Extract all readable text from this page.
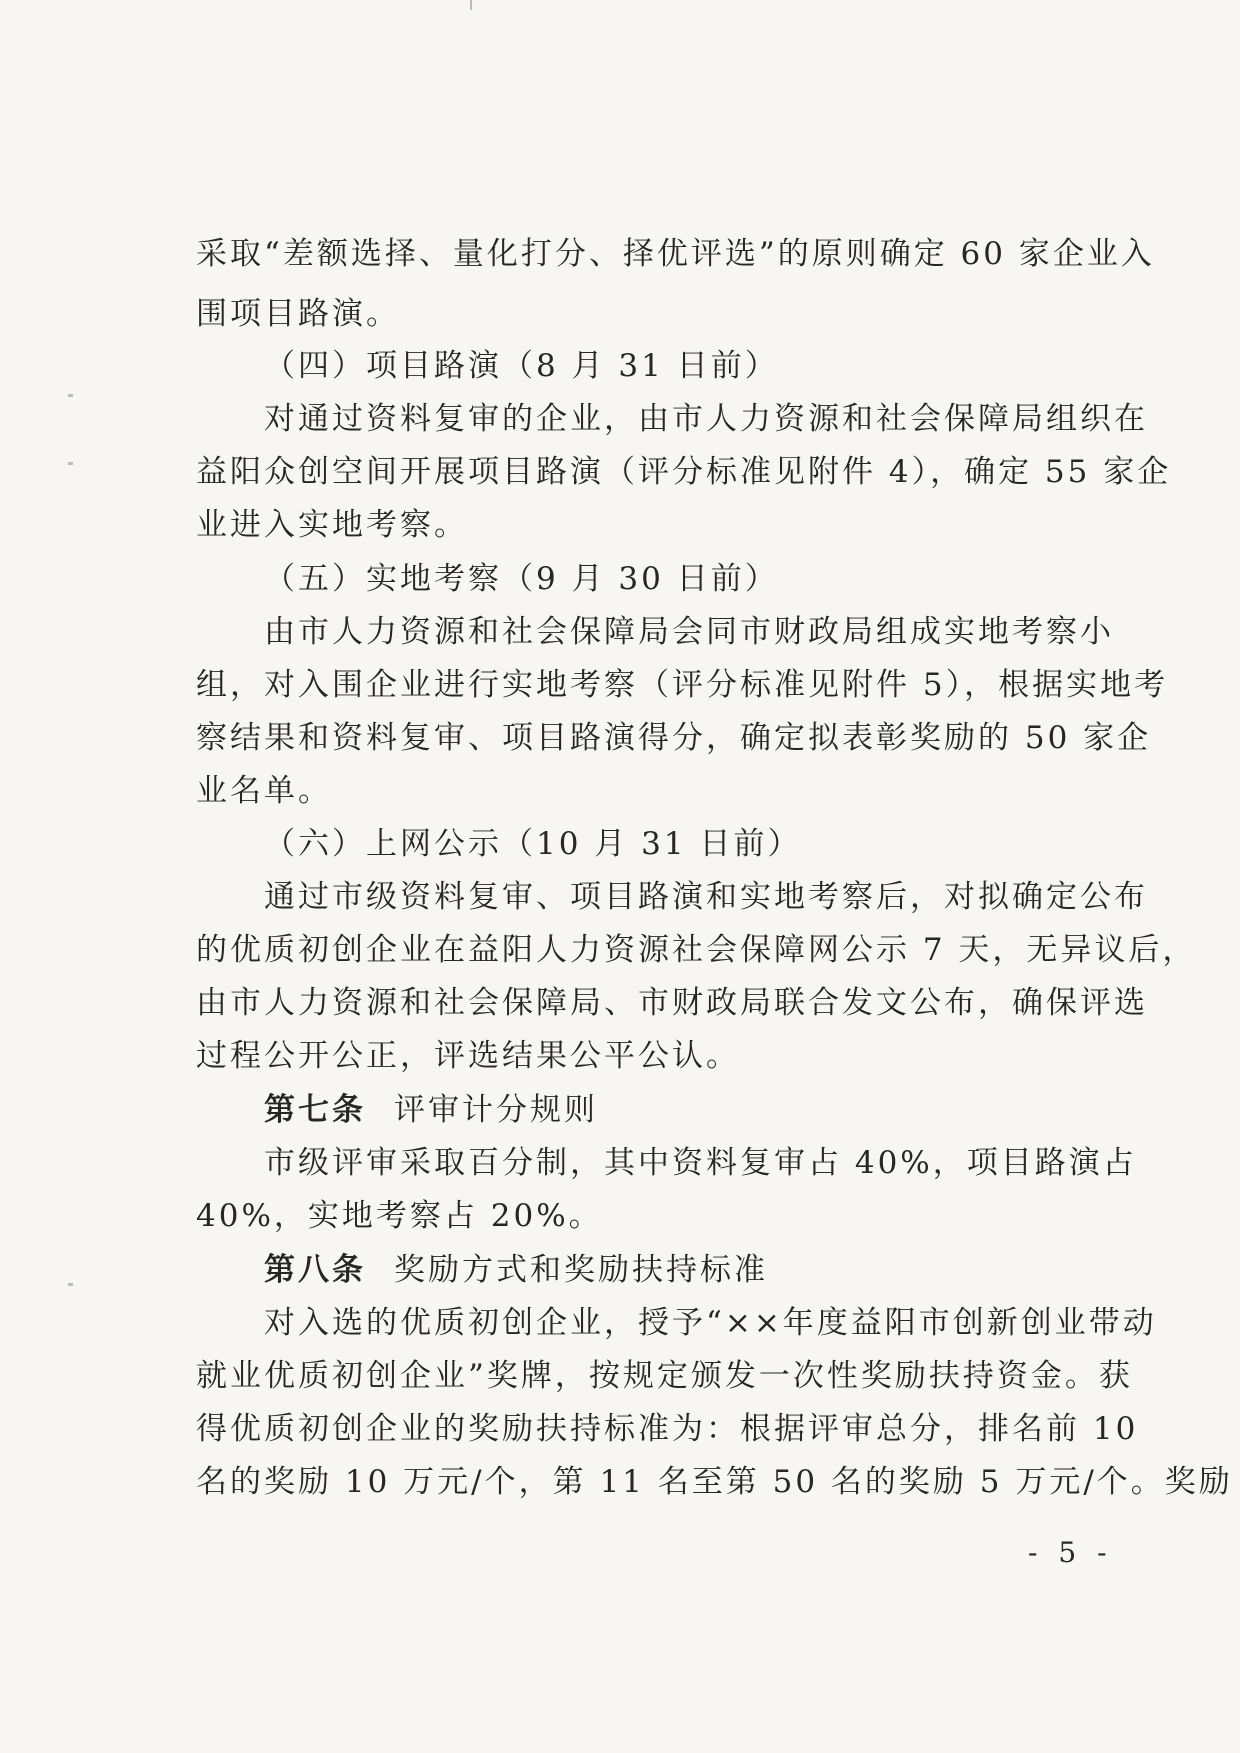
采取“差额选择、量化打分、择优评选”的原则确定 60 家企业入
围项目路演。
（四）项目路演（8 月 31 日前）
对通过资料复审的企业，由市人力资源和社会保障局组织在
益阳众创空间开展项目路演（评分标准见附件 4），确定 55 家企
业进入实地考察。
（五）实地考察（9 月 30 日前）
由市人力资源和社会保障局会同市财政局组成实地考察小
组，对入围企业进行实地考察（评分标准见附件 5），根据实地考
察结果和资料复审、项目路演得分，确定拟表彰奖励的 50 家企
业名单。
（六）上网公示（10 月 31 日前）
通过市级资料复审、项目路演和实地考察后，对拟确定公布
的优质初创企业在益阳人力资源社会保障网公示 7 天，无异议后，
由市人力资源和社会保障局、市财政局联合发文公布，确保评选
过程公开公正，评选结果公平公认。
第七条 评审计分规则
市级评审采取百分制，其中资料复审占 40%，项目路演占
40%，实地考察占 20%。
第八条 奖励方式和奖励扶持标准
对入选的优质初创企业，授予“××年度益阳市创新创业带动
就业优质初创企业”奖牌，按规定颁发一次性奖励扶持资金。获
得优质初创企业的奖励扶持标准为：根据评审总分，排名前 10
名的奖励 10 万元/个，第 11 名至第 50 名的奖励 5 万元/个。奖励
- 5 -
